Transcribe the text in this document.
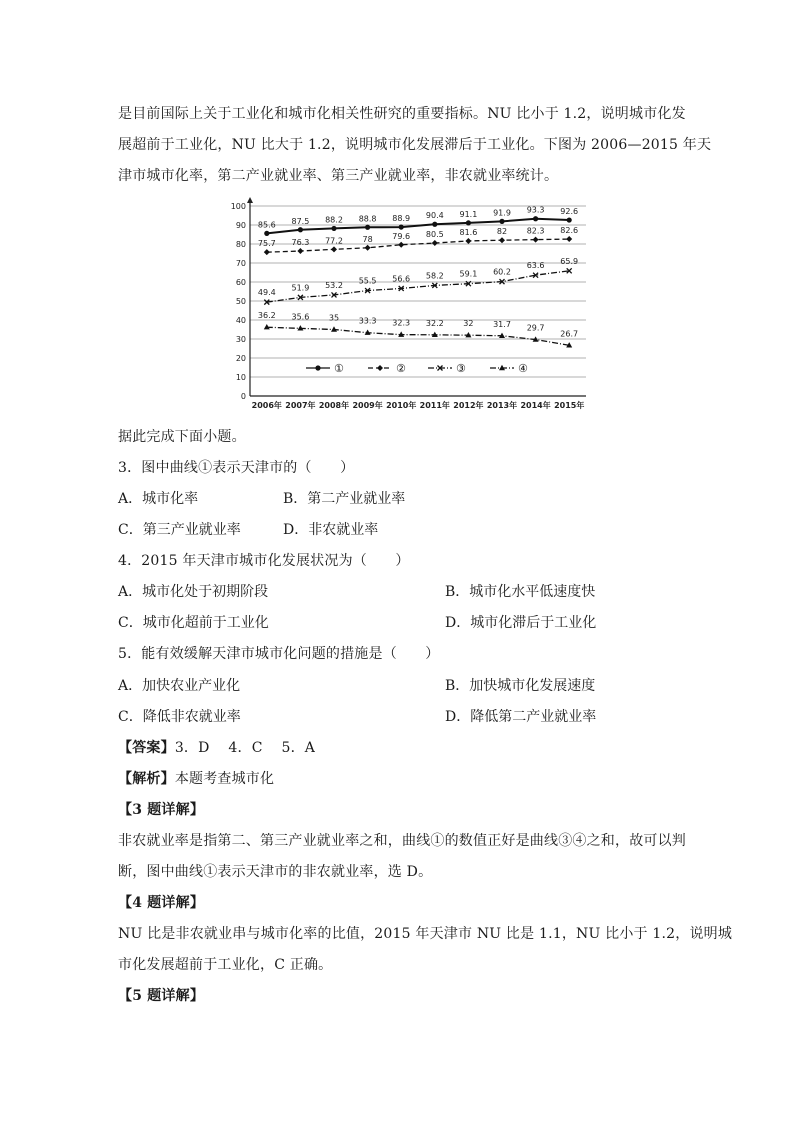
是目前国际上关于工业化和城市化相关性研究的重要指标。NU 比小于 1.2，说明城市化发
展超前于工业化，NU 比大于 1.2，说明城市化发展滞后于工业化。下图为 2006—2015 年天
津市城市化率，第二产业就业率、第三产业就业率，非农就业率统计。
0
10
20
30
40
50
60
70
80
90
100
2006年 2007年 2008年 2009年 2010年 2011年 2012年 2013年 2014年 2015年
85.6 87.5 88.2 88.8 88.9 90.4 91.1 91.9 93.3 92.6
75.7 76.3 77.2 78 79.6 80.5 81.6 82 82.3 82.6
49.4
51.9 53.2 55.5 56.6 58.2 59.1 60.2
63.6 65.9
36.2 35.6 35 33.3 32.3 32.2 32 31.7 29.7
26.7
①	②	③	④
据此完成下面小题。
3．图中曲线①表示天津市的（　　）
A．城市化率	B．第二产业就业率
C．第三产业就业率	D．非农就业率
4．2015 年天津市城市化发展状况为（　　）
A．城市化处于初期阶段	B．城市化水平低速度快
C．城市化超前于工业化	D．城市化滞后于工业化
5．能有效缓解天津市城市化问题的措施是（　　）
A．加快农业产业化	B．加快城市化发展速度
C．降低非农就业率	D．降低第二产业就业率
【答案】3．D　 4．C　 5．A
【解析】本题考查城市化
【3 题详解】
非农就业率是指第二、第三产业就业率之和，曲线①的数值正好是曲线③④之和，故可以判
断，图中曲线①表示天津市的非农就业率，选 D。
【4 题详解】
NU 比是非农就业串与城市化率的比值，2015 年天津市 NU 比是 1.1，NU 比小于 1.2，说明城
市化发展超前于工业化，C 正确。
【5 题详解】
